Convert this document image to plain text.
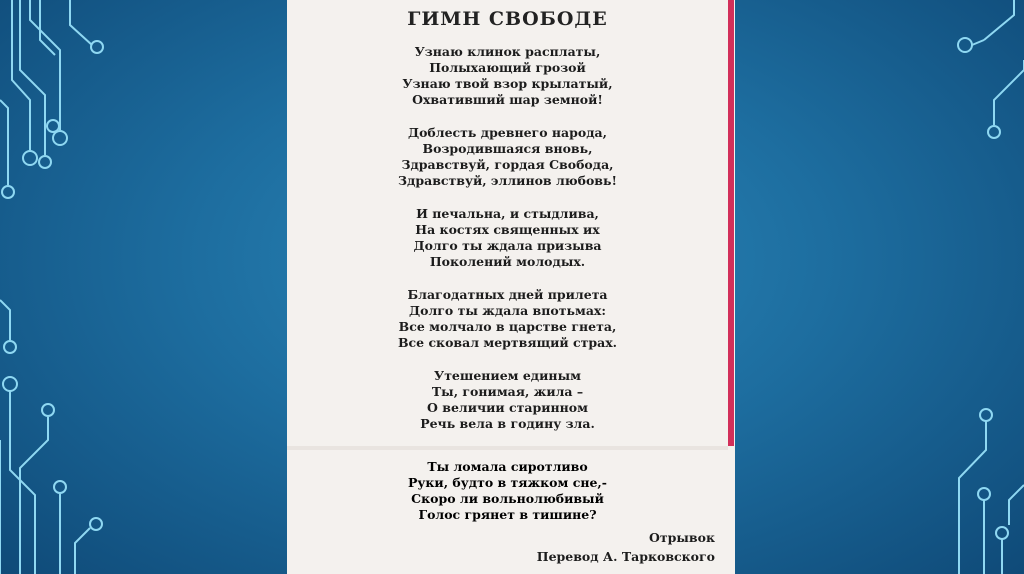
ГИМН СВОБОДЕ
Узнаю клинок расплаты,
Полыхающий грозой
Узнаю твой взор крылатый,
Охвативший шар земной!
Доблесть древнего народа,
Возродившаяся вновь,
Здравствуй, гордая Свобода,
Здравствуй, эллинов любовь!
И печальна, и стыдлива,
На костях священных их
Долго ты ждала призыва
Поколений молодых.
Благодатных дней прилета
Долго ты ждала впотьмах:
Все молчало в царстве гнета,
Все сковал мертвящий страх.
Утешением единым
Ты, гонимая, жила –
О величии старинном
Речь вела в годину зла.
Ты ломала сиротливо
Руки, будто в тяжком сне,-
Скоро ли вольнолюбивый
Голос грянет в тишине?
Отрывок
Перевод А. Тарковского
